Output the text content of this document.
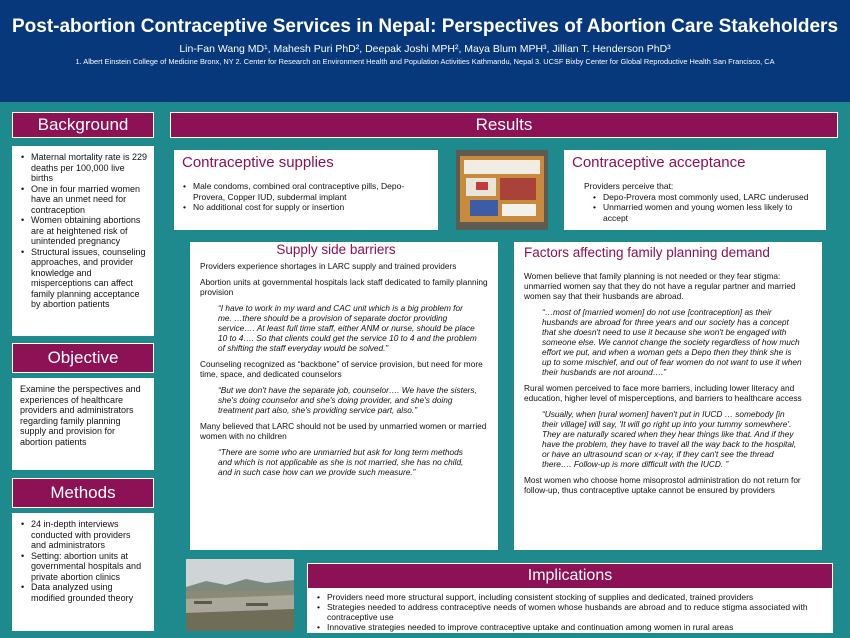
Post-abortion Contraceptive Services in Nepal: Perspectives of Abortion Care Stakeholders
Lin-Fan Wang MD¹, Mahesh Puri PhD², Deepak Joshi MPH², Maya Blum MPH³, Jillian T. Henderson PhD³
1. Albert Einstein College of Medicine Bronx, NY 2. Center for Research on Environment Health and Population Activities Kathmandu, Nepal 3. UCSF Bixby Center for Global Reproductive Health San Francisco, CA
Background
• Maternal mortality rate is 229 deaths per 100,000 live births
• One in four married women have an unmet need for contraception
• Women obtaining abortions are at heightened risk of unintended pregnancy
• Structural issues, counseling approaches, and provider knowledge and misperceptions can affect family planning acceptance by abortion patients
Objective

Examine the perspectives and experiences of healthcare providers and administrators regarding family planning supply and provision for abortion patients

Methods
• 24 in-depth interviews conducted with providers and administrators
• Setting: abortion units at governmental hospitals and private abortion clinics
• Data analyzed using modified grounded theory
Results
Contraceptive supplies
• Male condoms, combined oral contraceptive pills, Depo-Provera, Copper IUD, subdermal implant
• No additional cost for supply or insertion
Contraceptive acceptance
Providers perceive that:
• Depo-Provera most commonly used, LARC underused
• Unmarried women and young women less likely to accept
Supply side barriers

Providers experience shortages in LARC supply and trained providers

Abortion units at governmental hospitals lack staff dedicated to family planning provision

“I have to work in my ward and CAC unit which is a big problem for me. …there should be a provision of separate doctor providing service…. At least full time staff, either ANM or nurse, should be place 10 to 4…. So that clients could get the service 10 to 4 and the problem of shifting the staff everyday would be solved.”

Counseling recognized as “backbone” of service provision, but need for more time, space, and dedicated counselors

“But we don't have the separate job, counselor…. We have the sisters, she's doing counselor and she's doing provider, and she's doing treatment part also, she's providing service part, also.”

Many believed that LARC should not be used by unmarried women or married women with no children

“There are some who are unmarried but ask for long term methods and which is not applicable as she is not married, she has no child, and in such case how can we provide such measure.”
Factors affecting family planning demand

Women believe that family planning is not needed or they fear stigma: unmarried women say that they do not have a regular partner and married women say that their husbands are abroad.

“…most of [married women] do not use [contraception] as their husbands are abroad for three years and our society has a concept that she doesn't need to use it because she won't be engaged with someone else. We cannot change the society regardless of how much effort we put, and when a woman gets a Depo then they think she is up to some mischief, and out of fear women do not want to use it when their husbands are not around….”

Rural women perceived to face more barriers, including lower literacy and education, higher level of misperceptions, and barriers to healthcare access

“Usually, when [rural women] haven't put in IUCD … somebody [in their village] will say, 'It will go right up into your tummy somewhere'. They are naturally scared when they hear things like that. And if they have the problem, they have to travel all the way back to the hospital, or have an ultrasound scan or x-ray, if they can't see the thread there…. Follow-up is more difficult with the IUCD. ”

Most women who choose home misoprostol administration do not return for follow-up, thus contraceptive uptake cannot be ensured by providers

Implications
• Providers need more structural support, including consistent stocking of supplies and dedicated, trained providers
• Strategies needed to address contraceptive needs of women whose husbands are abroad and to reduce stigma associated with contraceptive use
• Innovative strategies needed to improve contraceptive uptake and continuation among women in rural areas
